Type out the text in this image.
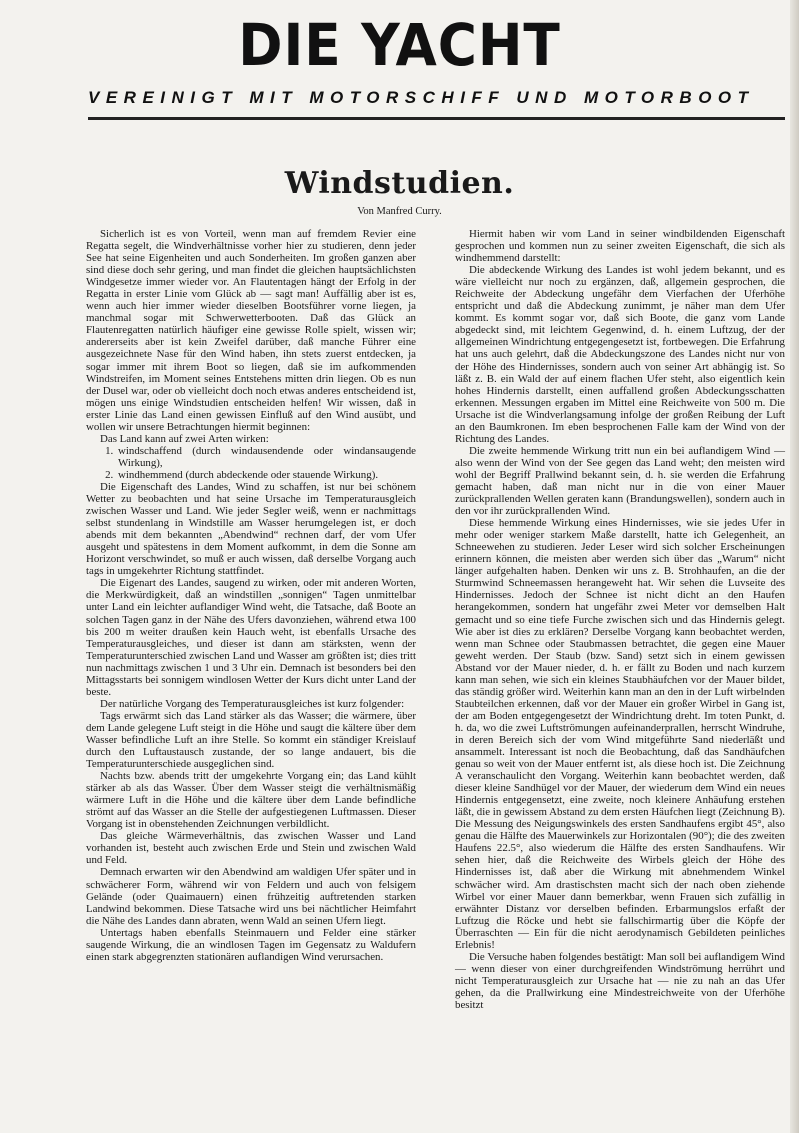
DIE YACHT
VEREINIGT MIT MOTORSCHIFF UND MOTORBOOT
Windstudien.
Von Manfred Curry.

Sicherlich ist es von Vorteil, wenn man auf fremdem Revier eine Regatta segelt, die Windverhältnisse vorher hier zu studieren, denn jeder See hat seine Eigenheiten und auch Sonderheiten. Im großen ganzen aber sind diese doch sehr gering, und man findet die gleichen hauptsächlichsten Windgesetze immer wieder vor. An Flautentagen hängt der Erfolg in der Regatta in erster Linie vom Glück ab — sagt man! Auffällig aber ist es, wenn auch hier immer wieder dieselben Bootsführer vorne liegen, ja manchmal sogar mit Schwerwetterbooten. Daß das Glück an Flautenregatten natürlich häufiger eine gewisse Rolle spielt, wissen wir; andererseits aber ist kein Zweifel darüber, daß manche Führer eine ausgezeichnete Nase für den Wind haben, ihn stets zuerst entdecken, ja sogar immer mit ihrem Boot so liegen, daß sie im aufkommenden Windstreifen, im Moment seines Entstehens mitten drin liegen. Ob es nun der Dusel war, oder ob vielleicht doch noch etwas anderes entscheidend ist, mögen uns einige Windstudien entscheiden helfen! Wir wissen, daß in erster Linie das Land einen gewissen Einfluß auf den Wind ausübt, und wollen wir unsere Betrachtungen hiermit beginnen:

Das Land kann auf zwei Arten wirken:

1. windschaffend (durch windausendende oder windansaugende Wirkung),
2. windhemmend (durch abdeckende oder stauende Wirkung).

Die Eigenschaft des Landes, Wind zu schaffen, ist nur bei schönem Wetter zu beobachten und hat seine Ursache im Temperaturausgleich zwischen Wasser und Land. Wie jeder Segler weiß, wenn er nachmittags selbst stundenlang in Windstille am Wasser herumgelegen ist, er doch abends mit dem bekannten „Abendwind“ rechnen darf, der vom Ufer ausgeht und spätestens in dem Moment aufkommt, in dem die Sonne am Horizont verschwindet, so muß er auch wissen, daß derselbe Vorgang auch tags in umgekehrter Richtung stattfindet.

Die Eigenart des Landes, saugend zu wirken, oder mit anderen Worten, die Merkwürdigkeit, daß an windstillen „sonnigen“ Tagen unmittelbar unter Land ein leichter auflandiger Wind weht, die Tatsache, daß Boote an solchen Tagen ganz in der Nähe des Ufers davonziehen, während etwa 100 bis 200 m weiter draußen kein Hauch weht, ist ebenfalls Ursache des Temperaturausgleiches, und dieser ist dann am stärksten, wenn der Temperaturunterschied zwischen Land und Wasser am größten ist; dies tritt nun nachmittags zwischen 1 und 3 Uhr ein. Demnach ist besonders bei den Mittagsstarts bei sonnigem windlosen Wetter der Kurs dicht unter Land der beste.

Der natürliche Vorgang des Temperaturausgleiches ist kurz folgender:

Tags erwärmt sich das Land stärker als das Wasser; die wärmere, über dem Lande gelegene Luft steigt in die Höhe und saugt die kältere über dem Wasser befindliche Luft an ihre Stelle. So kommt ein ständiger Kreislauf durch den Luftaustausch zustande, der so lange andauert, bis die Temperaturunterschiede ausgeglichen sind.

Nachts bzw. abends tritt der umgekehrte Vorgang ein; das Land kühlt stärker ab als das Wasser. Über dem Wasser steigt die verhältnismäßig wärmere Luft in die Höhe und die kältere über dem Lande befindliche strömt auf das Wasser an die Stelle der aufgestiegenen Luftmassen. Dieser Vorgang ist in obenstehenden Zeichnungen verbildlicht.

Das gleiche Wärmeverhältnis, das zwischen Wasser und Land vorhanden ist, besteht auch zwischen Erde und Stein und zwischen Wald und Feld.

Demnach erwarten wir den Abendwind am waldigen Ufer später und in schwächerer Form, während wir von Feldern und auch von felsigem Gelände (oder Quaimauern) einen frühzeitig auftretenden starken Landwind bekommen. Diese Tatsache wird uns bei nächtlicher Heimfahrt die Nähe des Landes dann abraten, wenn Wald an seinen Ufern liegt.

Untertags haben ebenfalls Steinmauern und Felder eine stärker saugende Wirkung, die an windlosen Tagen im Gegensatz zu Waldufern einen stark abgegrenzten stationären auflandigen Wind verursachen.

Hiermit haben wir vom Land in seiner windbildenden Eigenschaft gesprochen und kommen nun zu seiner zweiten Eigenschaft, die sich als windhemmend darstellt:

Die abdeckende Wirkung des Landes ist wohl jedem bekannt, und es wäre vielleicht nur noch zu ergänzen, daß, allgemein gesprochen, die Reichweite der Abdeckung ungefähr dem Vierfachen der Uferhöhe entspricht und daß die Abdeckung zunimmt, je näher man dem Ufer kommt. Es kommt sogar vor, daß sich Boote, die ganz vom Lande abgedeckt sind, mit leichtem Gegenwind, d. h. einem Luftzug, der der allgemeinen Windrichtung entgegengesetzt ist, fortbewegen. Die Erfahrung hat uns auch gelehrt, daß die Abdeckungszone des Landes nicht nur von der Höhe des Hindernisses, sondern auch von seiner Art abhängig ist. So läßt z. B. ein Wald der auf einem flachen Ufer steht, also eigentlich kein hohes Hindernis darstellt, einen auffallend großen Abdeckungsschatten erkennen. Messungen ergaben im Mittel eine Reichweite von 500 m. Die Ursache ist die Windverlangsamung infolge der großen Reibung der Luft an den Baumkronen. Im eben besprochenen Falle kam der Wind von der Richtung des Landes.

Die zweite hemmende Wirkung tritt nun ein bei auflandigem Wind — also wenn der Wind von der See gegen das Land weht; den meisten wird wohl der Begriff Prallwind bekannt sein, d. h. sie werden die Erfahrung gemacht haben, daß man nicht nur in die von einer Mauer zurückprallenden Wellen geraten kann (Brandungswellen), sondern auch in den vor ihr zurückprallenden Wind.

Diese hemmende Wirkung eines Hindernisses, wie sie jedes Ufer in mehr oder weniger starkem Maße darstellt, hatte ich Gelegenheit, an Schneewehen zu studieren. Jeder Leser wird sich solcher Erscheinungen erinnern können, die meisten aber werden sich über das „Warum“ nicht länger aufgehalten haben. Denken wir uns z. B. Strohhaufen, an die der Sturmwind Schneemassen herangeweht hat. Wir sehen die Luvseite des Hindernisses. Jedoch der Schnee ist nicht dicht an den Haufen herangekommen, sondern hat ungefähr zwei Meter vor demselben Halt gemacht und so eine tiefe Furche zwischen sich und das Hindernis gelegt. Wie aber ist dies zu erklären? Derselbe Vorgang kann beobachtet werden, wenn man Schnee oder Staubmassen betrachtet, die gegen eine Mauer geweht werden. Der Staub (bzw. Sand) setzt sich in einem gewissen Abstand vor der Mauer nieder, d. h. er fällt zu Boden und nach kurzem kann man sehen, wie sich ein kleines Staubhäufchen vor der Mauer bildet, das ständig größer wird. Weiterhin kann man an den in der Luft wirbelnden Staubteilchen erkennen, daß vor der Mauer ein großer Wirbel in Gang ist, der am Boden entgegengesetzt der Windrichtung dreht. Im toten Punkt, d. h. da, wo die zwei Luftströmungen aufeinanderprallen, herrscht Windruhe, in deren Bereich sich der vom Wind mitgeführte Sand niederläßt und ansammelt. Interessant ist noch die Beobachtung, daß das Sandhäufchen genau so weit von der Mauer entfernt ist, als diese hoch ist. Die Zeichnung A veranschaulicht den Vorgang. Weiterhin kann beobachtet werden, daß dieser kleine Sandhügel vor der Mauer, der wiederum dem Wind ein neues Hindernis entgegensetzt, eine zweite, noch kleinere Anhäufung erstehen läßt, die in gewissem Abstand zu dem ersten Häufchen liegt (Zeichnung B). Die Messung des Neigungswinkels des ersten Sandhaufens ergibt 45°, also genau die Hälfte des Mauerwinkels zur Horizontalen (90°); die des zweiten Haufens 22.5°, also wiederum die Hälfte des ersten Sandhaufens. Wir sehen hier, daß die Reichweite des Wirbels gleich der Höhe des Hindernisses ist, daß aber die Wirkung mit abnehmendem Winkel schwächer wird. Am drastischsten macht sich der nach oben ziehende Wirbel vor einer Mauer dann bemerkbar, wenn Frauen sich zufällig in erwähnter Distanz vor derselben befinden. Erbarmungslos erfaßt der Luftzug die Röcke und hebt sie fallschirmartig über die Köpfe der Überraschten — Ein für die nicht aerodynamisch Gebildeten peinliches Erlebnis!

Die Versuche haben folgendes bestätigt: Man soll bei auflandigem Wind — wenn dieser von einer durchgreifenden Windströmung herrührt und nicht Temperaturausgleich zur Ursache hat — nie zu nah an das Ufer gehen, da die Prallwirkung eine Mindestreichweite von der Uferhöhe besitzt
